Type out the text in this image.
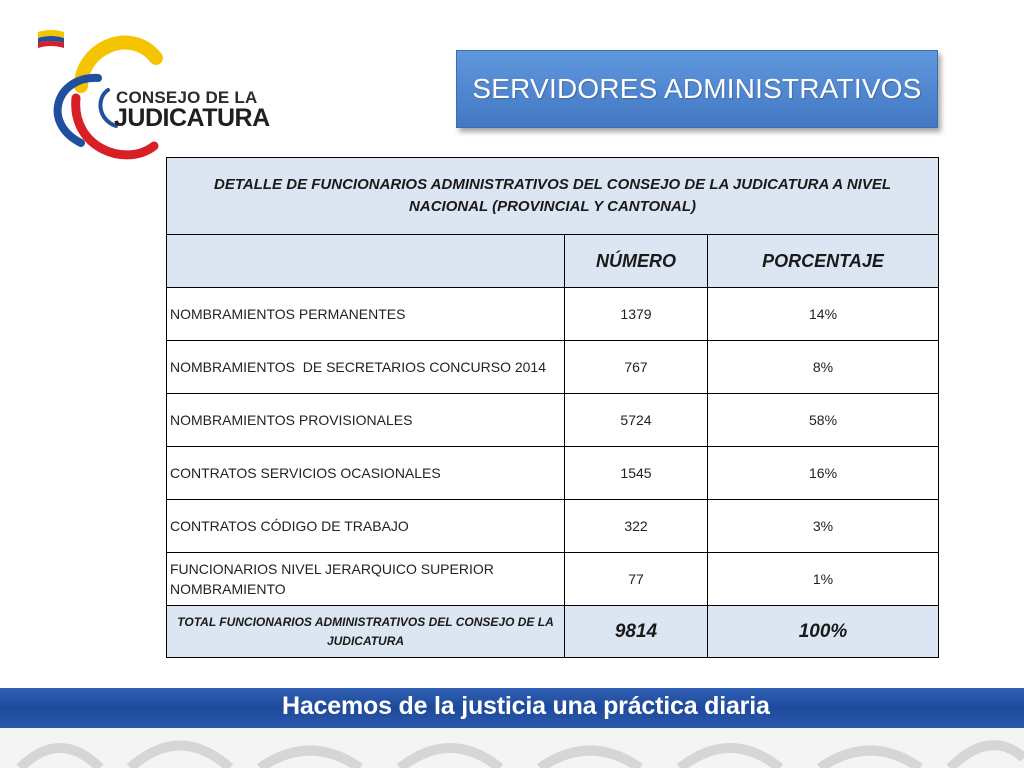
CONSEJO DE LA
JUDICATURA
SERVIDORES ADMINISTRATIVOS
DETALLE DE FUNCIONARIOS ADMINISTRATIVOS DEL CONSEJO DE LA JUDICATURA A NIVEL NACIONAL (PROVINCIAL Y CANTONAL)		
	NÚMERO	PORCENTAJE
NOMBRAMIENTOS PERMANENTES	1379	14%
NOMBRAMIENTOS  DE SECRETARIOS CONCURSO 2014	767	8%
NOMBRAMIENTOS PROVISIONALES	5724	58%
CONTRATOS SERVICIOS OCASIONALES	1545	16%
CONTRATOS CÓDIGO DE TRABAJO	322	3%
FUNCIONARIOS NIVEL JERARQUICO SUPERIOR NOMBRAMIENTO	77	1%
TOTAL FUNCIONARIOS ADMINISTRATIVOS DEL CONSEJO DE LA JUDICATURA	9814	100%
Hacemos de la justicia una práctica diaria
